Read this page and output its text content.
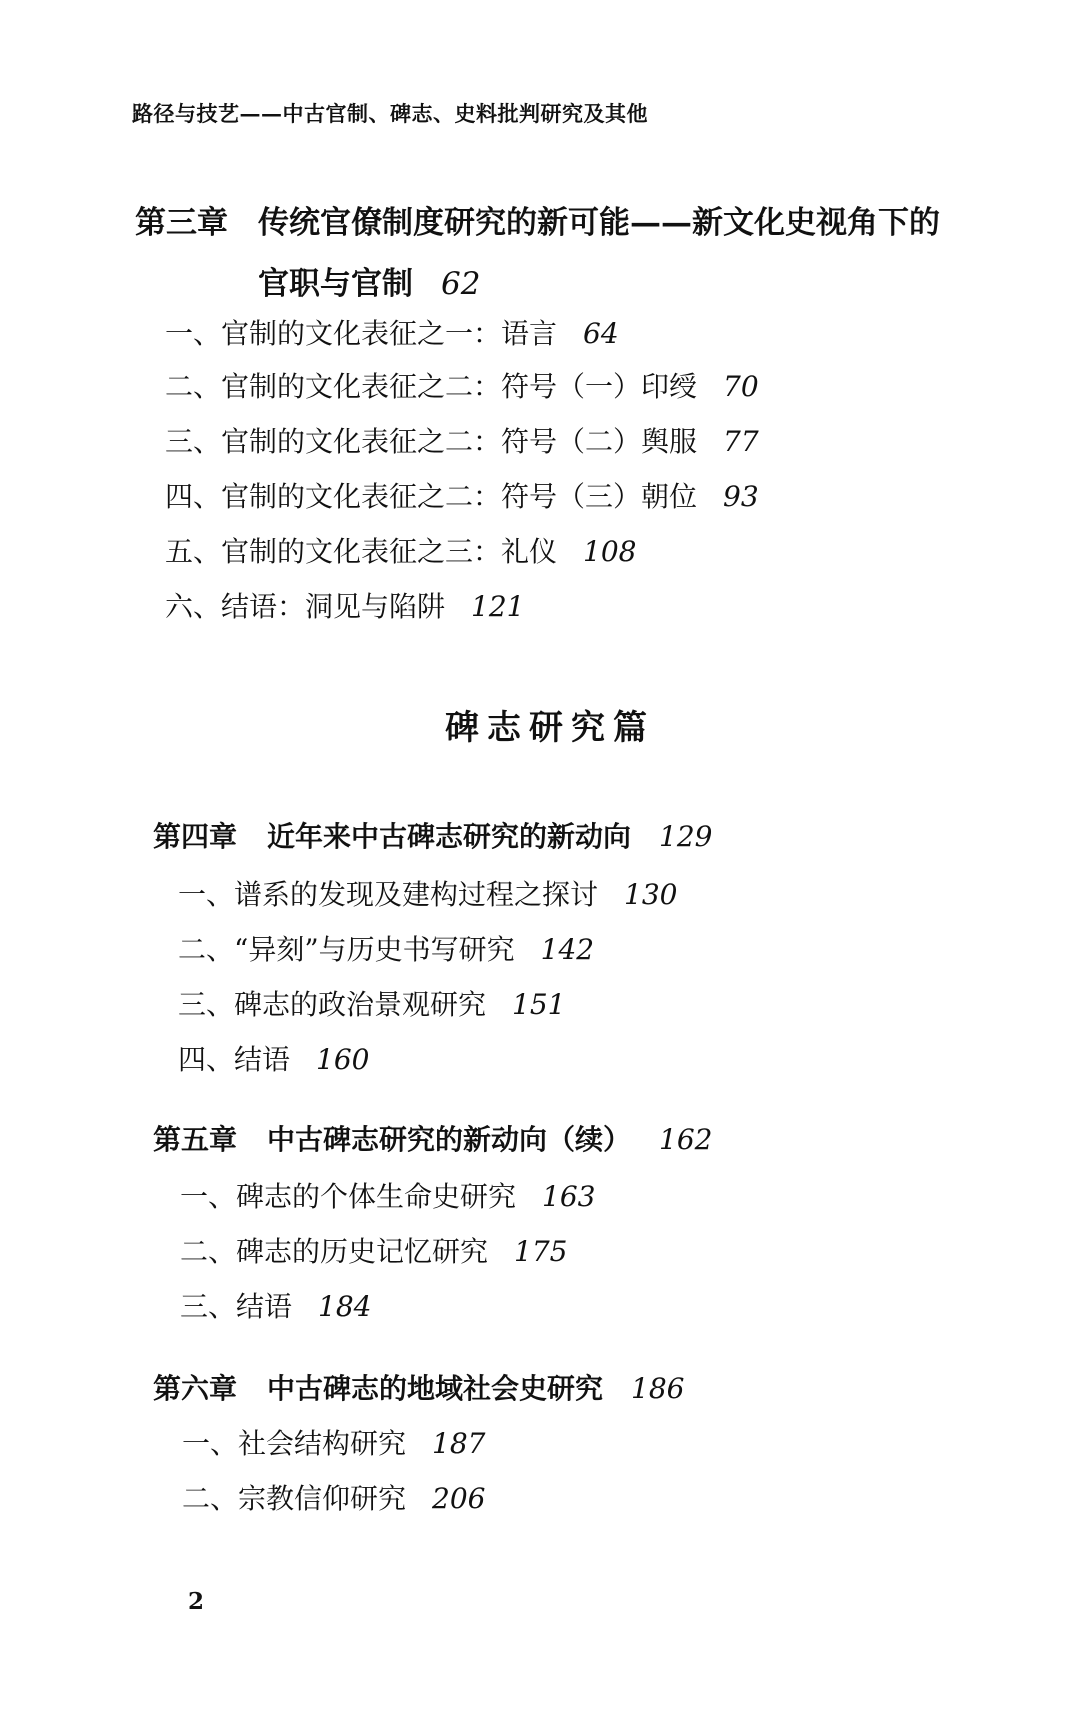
路径与技艺——中古官制、碑志、史料批判研究及其他
第三章 传统官僚制度研究的新可能——新文化史视角下的
官职与官制 62
一、官制的文化表征之一：语言 64
二、官制的文化表征之二：符号（一）印绶 70
三、官制的文化表征之二：符号（二）舆服 77
四、官制的文化表征之二：符号（三）朝位 93
五、官制的文化表征之三：礼仪 108
六、结语：洞见与陷阱 121
碑志研究篇
第四章 近年来中古碑志研究的新动向 129
一、谱系的发现及建构过程之探讨 130
二、“异刻”与历史书写研究 142
三、碑志的政治景观研究 151
四、结语 160
第五章 中古碑志研究的新动向（续） 162
一、碑志的个体生命史研究 163
二、碑志的历史记忆研究 175
三、结语 184
第六章 中古碑志的地域社会史研究 186
一、社会结构研究 187
二、宗教信仰研究 206
2
